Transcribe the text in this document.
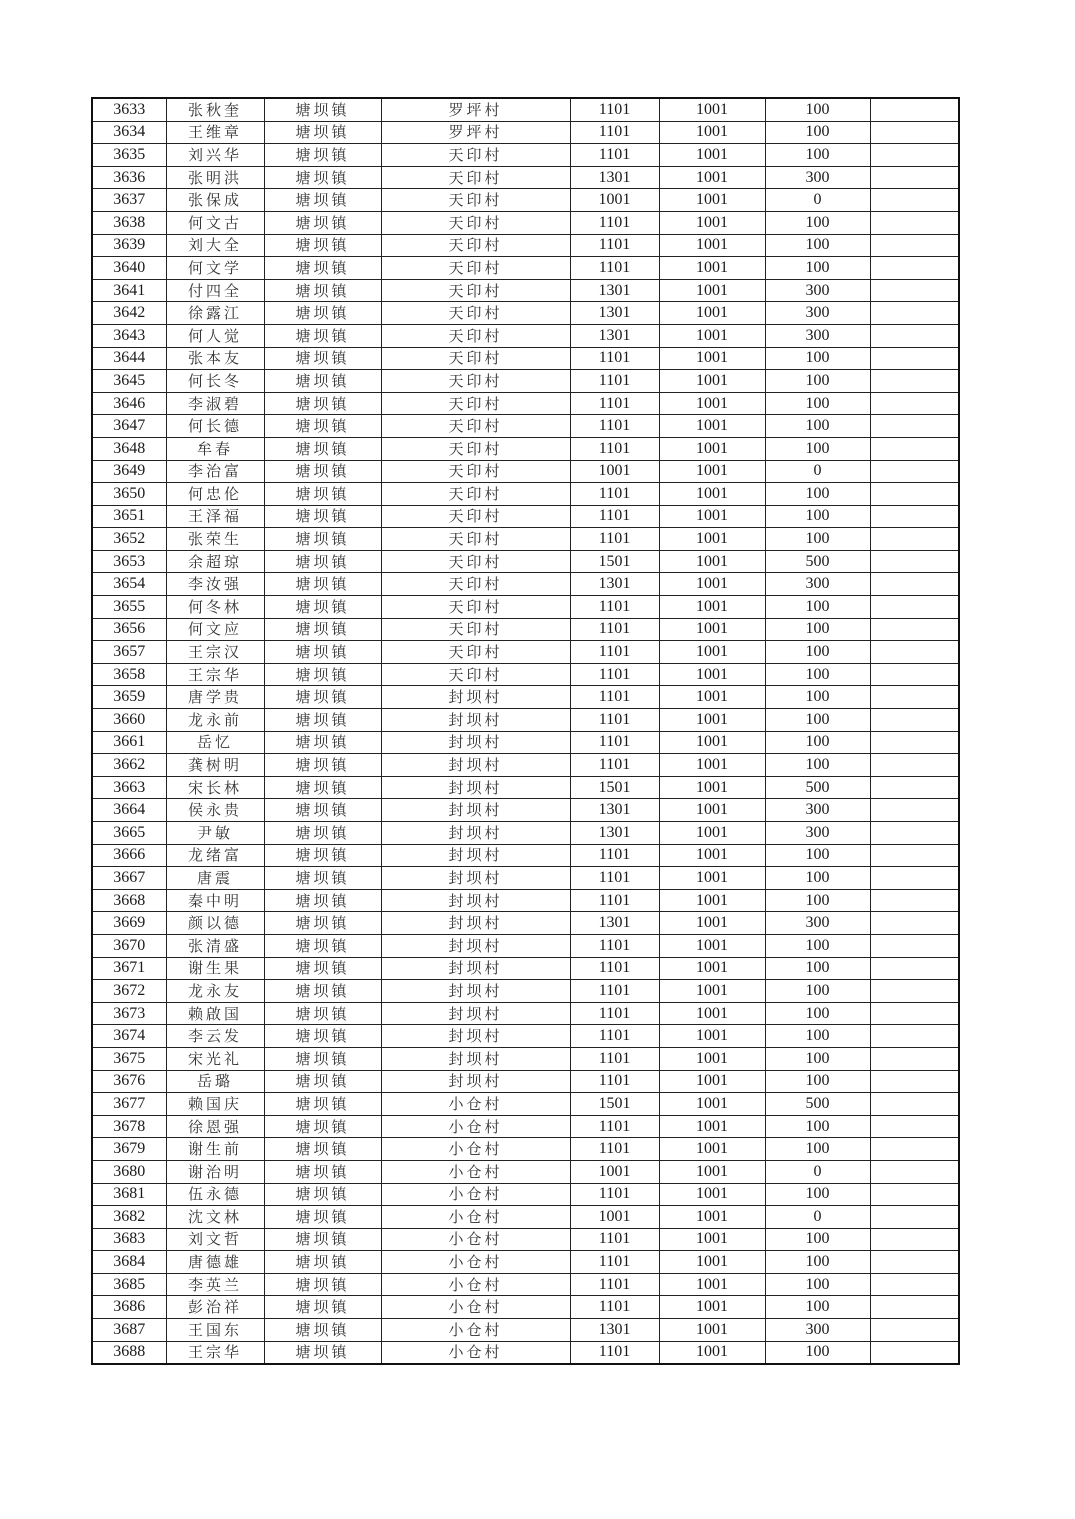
3633	张秋奎	塘坝镇	罗坪村	1101	1001	100	
3634	王维章	塘坝镇	罗坪村	1101	1001	100	
3635	刘兴华	塘坝镇	天印村	1101	1001	100	
3636	张明洪	塘坝镇	天印村	1301	1001	300	
3637	张保成	塘坝镇	天印村	1001	1001	0	
3638	何文古	塘坝镇	天印村	1101	1001	100	
3639	刘大全	塘坝镇	天印村	1101	1001	100	
3640	何文学	塘坝镇	天印村	1101	1001	100	
3641	付四全	塘坝镇	天印村	1301	1001	300	
3642	徐露江	塘坝镇	天印村	1301	1001	300	
3643	何人觉	塘坝镇	天印村	1301	1001	300	
3644	张本友	塘坝镇	天印村	1101	1001	100	
3645	何长冬	塘坝镇	天印村	1101	1001	100	
3646	李淑碧	塘坝镇	天印村	1101	1001	100	
3647	何长德	塘坝镇	天印村	1101	1001	100	
3648	牟春	塘坝镇	天印村	1101	1001	100	
3649	李治富	塘坝镇	天印村	1001	1001	0	
3650	何忠伦	塘坝镇	天印村	1101	1001	100	
3651	王泽福	塘坝镇	天印村	1101	1001	100	
3652	张荣生	塘坝镇	天印村	1101	1001	100	
3653	余超琼	塘坝镇	天印村	1501	1001	500	
3654	李汝强	塘坝镇	天印村	1301	1001	300	
3655	何冬林	塘坝镇	天印村	1101	1001	100	
3656	何文应	塘坝镇	天印村	1101	1001	100	
3657	王宗汉	塘坝镇	天印村	1101	1001	100	
3658	王宗华	塘坝镇	天印村	1101	1001	100	
3659	唐学贵	塘坝镇	封坝村	1101	1001	100	
3660	龙永前	塘坝镇	封坝村	1101	1001	100	
3661	岳忆	塘坝镇	封坝村	1101	1001	100	
3662	龚树明	塘坝镇	封坝村	1101	1001	100	
3663	宋长林	塘坝镇	封坝村	1501	1001	500	
3664	侯永贵	塘坝镇	封坝村	1301	1001	300	
3665	尹敏	塘坝镇	封坝村	1301	1001	300	
3666	龙绪富	塘坝镇	封坝村	1101	1001	100	
3667	唐震	塘坝镇	封坝村	1101	1001	100	
3668	秦中明	塘坝镇	封坝村	1101	1001	100	
3669	颜以德	塘坝镇	封坝村	1301	1001	300	
3670	张清盛	塘坝镇	封坝村	1101	1001	100	
3671	谢生果	塘坝镇	封坝村	1101	1001	100	
3672	龙永友	塘坝镇	封坝村	1101	1001	100	
3673	赖啟国	塘坝镇	封坝村	1101	1001	100	
3674	李云发	塘坝镇	封坝村	1101	1001	100	
3675	宋光礼	塘坝镇	封坝村	1101	1001	100	
3676	岳璐	塘坝镇	封坝村	1101	1001	100	
3677	赖国庆	塘坝镇	小仓村	1501	1001	500	
3678	徐恩强	塘坝镇	小仓村	1101	1001	100	
3679	谢生前	塘坝镇	小仓村	1101	1001	100	
3680	谢治明	塘坝镇	小仓村	1001	1001	0	
3681	伍永德	塘坝镇	小仓村	1101	1001	100	
3682	沈文林	塘坝镇	小仓村	1001	1001	0	
3683	刘文哲	塘坝镇	小仓村	1101	1001	100	
3684	唐德雄	塘坝镇	小仓村	1101	1001	100	
3685	李英兰	塘坝镇	小仓村	1101	1001	100	
3686	彭治祥	塘坝镇	小仓村	1101	1001	100	
3687	王国东	塘坝镇	小仓村	1301	1001	300	
3688	王宗华	塘坝镇	小仓村	1101	1001	100	
